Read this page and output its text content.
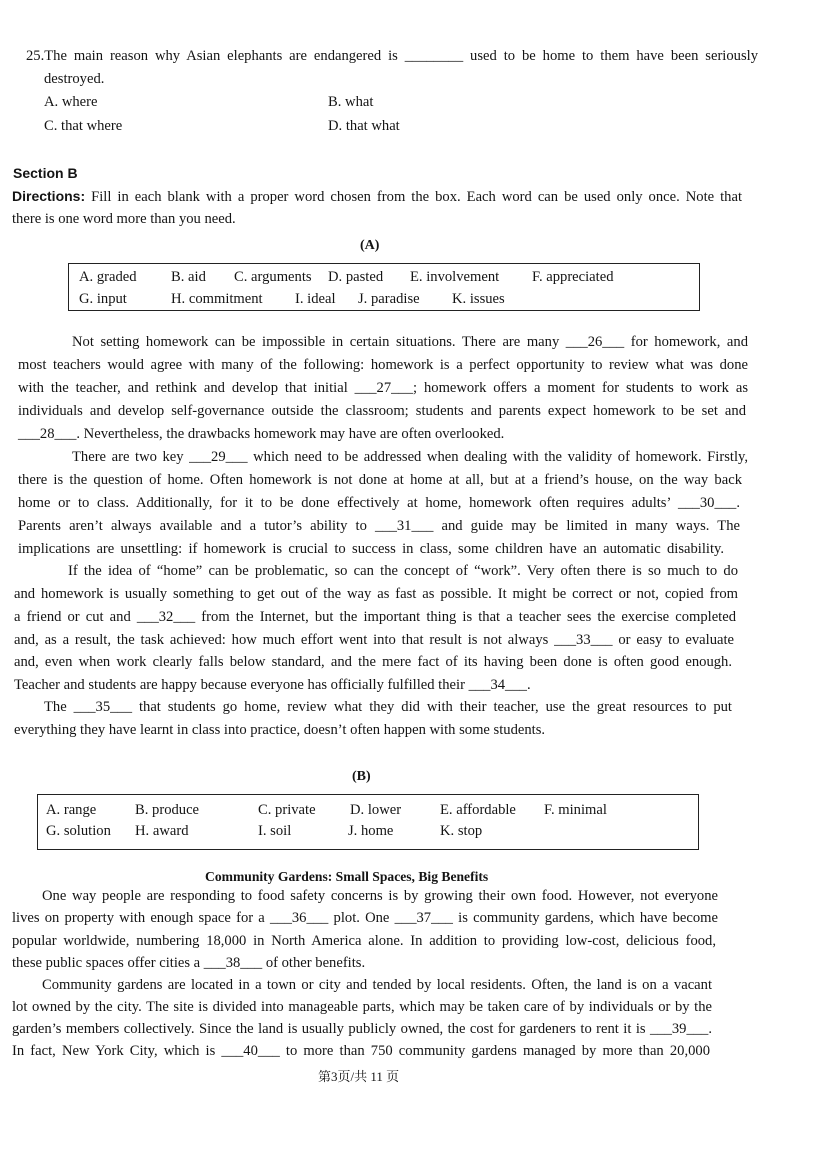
25.The main reason why Asian elephants are endangered is ________ used to be home to them have been seriously
destroyed.
A. where	B. what
C. that where	D. that what
Section B
Directions: Fill in each blank with a proper word chosen from the box. Each word can be used only once. Note that
there is one word more than you need.
(A)
A. graded B. aid C. arguments D. pasted E. involvement F. appreciated
G. input	H. commitment I. ideal J. paradise K. issues
Not setting homework can be impossible in certain situations. There are many ___26___ for homework, and
most teachers would agree with many of the following: homework is a perfect opportunity to review what was done
with the teacher, and rethink and develop that initial ___27___; homework offers a moment for students to work as
individuals and develop self-governance outside the classroom; students and parents expect homework to be set and
___28___. Nevertheless, the drawbacks homework may have are often overlooked.
There are two key ___29___ which need to be addressed when dealing with the validity of homework. Firstly,
there is the question of home. Often homework is not done at home at all, but at a friend’s house, on the way back
home or to class. Additionally, for it to be done effectively at home, homework often requires adults’ ___30___.
Parents aren’t always available and a tutor’s ability to ___31___ and guide may be limited in many ways. The
implications are unsettling: if homework is crucial to success in class, some children have an automatic disability.
If the idea of “home” can be problematic, so can the concept of “work”. Very often there is so much to do
and homework is usually something to get out of the way as fast as possible. It might be correct or not, copied from
a friend or cut and ___32___ from the Internet, but the important thing is that a teacher sees the exercise completed
and, as a result, the task achieved: how much effort went into that result is not always ___33___ or easy to evaluate
and, even when work clearly falls below standard, and the mere fact of its having been done is often good enough.
Teacher and students are happy because everyone has officially fulfilled their ___34___.
The ___35___ that students go home, review what they did with their teacher, use the great resources to put
everything they have learnt in class into practice, doesn’t often happen with some students.
(B)
A. range	B. produce	C. private D. lower	E. affordable F. minimal
G. solution H. award	I. soil	J. home	K. stop
Community Gardens: Small Spaces, Big Benefits
One way people are responding to food safety concerns is by growing their own food. However, not everyone
lives on property with enough space for a ___36___ plot. One ___37___ is community gardens, which have become
popular worldwide, numbering 18,000 in North America alone. In addition to providing low-cost, delicious food,
these public spaces offer cities a ___38___ of other benefits.
Community gardens are located in a town or city and tended by local residents. Often, the land is on a vacant
lot owned by the city. The site is divided into manageable parts, which may be taken care of by individuals or by the
garden’s members collectively. Since the land is usually publicly owned, the cost for gardeners to rent it is ___39___.
In fact, New York City, which is ___40___ to more than 750 community gardens managed by more than 20,000
第3页/共 11 页
